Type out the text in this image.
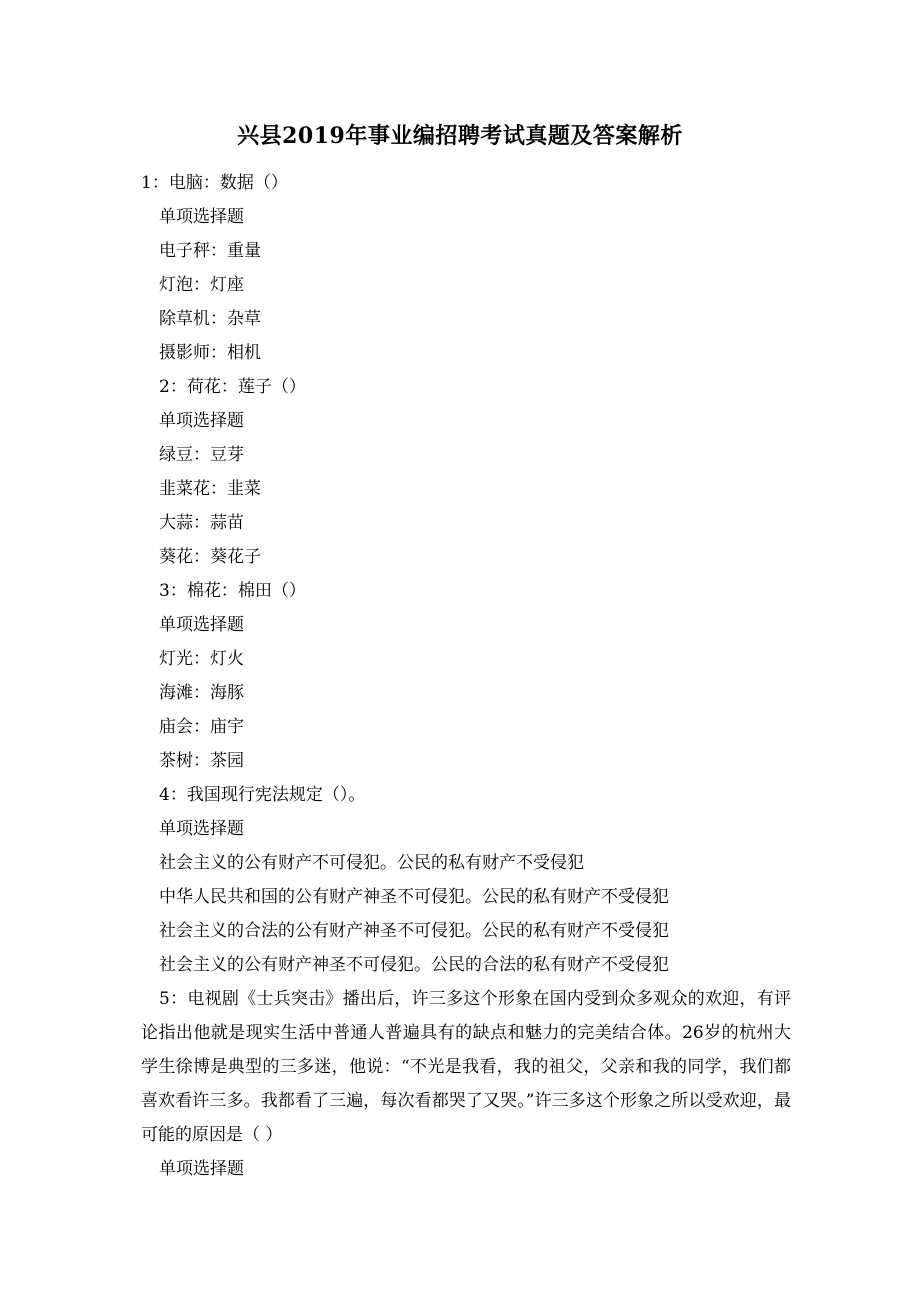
兴县2019年事业编招聘考试真题及答案解析
1：电脑：数据（）
单项选择题
电子秤：重量
灯泡：灯座
除草机：杂草
摄影师：相机
2：荷花：莲子（）
单项选择题
绿豆：豆芽
韭菜花：韭菜
大蒜：蒜苗
葵花：葵花子
3：棉花：棉田（）
单项选择题
灯光：灯火
海滩：海豚
庙会：庙宇
茶树：茶园
4：我国现行宪法规定（）。
单项选择题
社会主义的公有财产不可侵犯。公民的私有财产不受侵犯
中华人民共和国的公有财产神圣不可侵犯。公民的私有财产不受侵犯
社会主义的合法的公有财产神圣不可侵犯。公民的私有财产不受侵犯
社会主义的公有财产神圣不可侵犯。公民的合法的私有财产不受侵犯

5：电视剧《士兵突击》播出后，许三多这个形象在国内受到众多观众的欢迎，有评论指出他就是现实生活中普通人普遍具有的缺点和魅力的完美结合体。26岁的杭州大学生徐博是典型的三多迷，他说：“不光是我看，我的祖父，父亲和我的同学，我们都喜欢看许三多。我都看了三遍，每次看都哭了又哭。”许三多这个形象之所以受欢迎，最可能的原因是（ ）

单项选择题
